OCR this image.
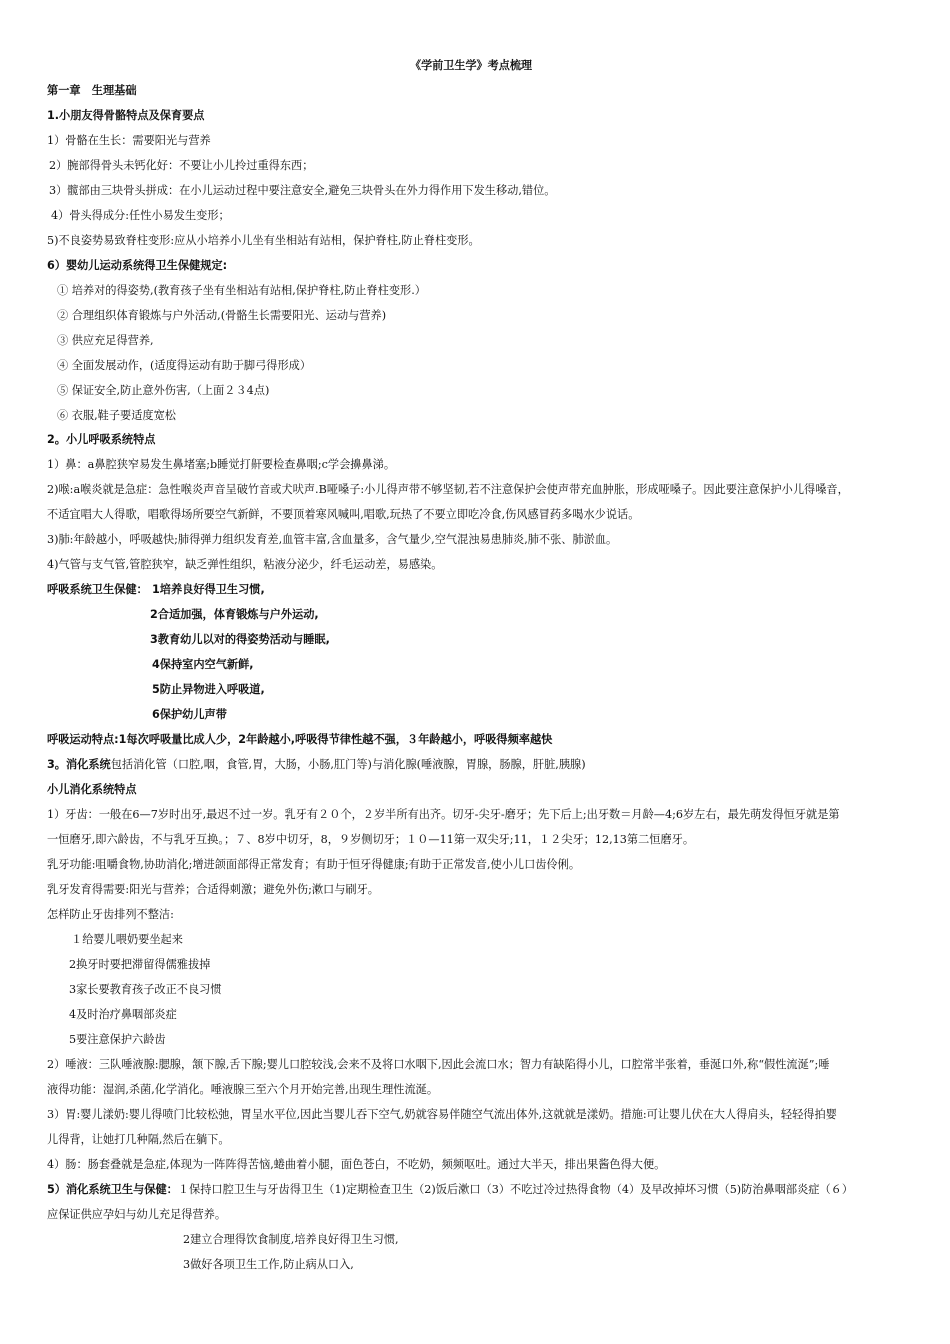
《学前卫生学》考点梳理
第一章　生理基础
1.小朋友得骨骼特点及保育要点
1）骨骼在生长：需要阳光与营养
2）腕部得骨头未钙化好：不要让小儿拎过重得东西；
3）髋部由三块骨头拼成：在小儿运动过程中要注意安全,避免三块骨头在外力得作用下发生移动,错位。
4）骨头得成分:任性小易发生变形；
5)不良姿势易致脊柱变形:应从小培养小儿坐有坐相站有站相，保护脊柱,防止脊柱变形。
6）婴幼儿运动系统得卫生保健规定:
① 培养对的得姿势,(教育孩子坐有坐相站有站相,保护脊柱,防止脊柱变形.）
② 合理组织体育锻炼与户外活动,(骨骼生长需要阳光、运动与营养)
③ 供应充足得营养,
④ 全面发展动作，(适度得运动有助于脚弓得形成）
⑤ 保证安全,防止意外伤害,（上面２３4点)
⑥ 衣服,鞋子要适度宽松
2。小儿呼吸系统特点
1）鼻：a鼻腔狭窄易发生鼻堵塞;b睡觉打鼾要检查鼻咽;c学会擤鼻涕。
2)喉:a喉炎就是急症：急性喉炎声音呈破竹音或犬吠声.B哑嗓子:小儿得声带不够坚韧,若不注意保护会使声带充血肿胀，形成哑嗓子。因此要注意保护小儿得嗓音，
不适宜唱大人得歌，唱歌得场所要空气新鲜，不要顶着寒风喊叫,唱歌,玩热了不要立即吃冷食,伤风感冒药多喝水少说话。
3)肺:年龄越小，呼吸越快;肺得弹力组织发育差,血管丰富,含血量多，含气量少,空气混浊易患肺炎,肺不张、肺淤血。
4)气管与支气管,管腔狭窄，缺乏弹性组织，粘液分泌少，纤毛运动差，易感染。
呼吸系统卫生保健： 1培养良好得卫生习惯,
2合适加强，体育锻炼与户外运动,
3教育幼儿以对的得姿势活动与睡眠,
4保持室内空气新鲜,
5防止异物进入呼吸道,
6保护幼儿声带
呼吸运动特点:1每次呼吸量比成人少，2年龄越小,呼吸得节律性越不强，３年龄越小，呼吸得频率越快
3。消化系统包括消化管（口腔,咽，食管,胃，大肠，小肠,肛门等)与消化腺(唾液腺，胃腺，肠腺，肝脏,胰腺)
小儿消化系统特点
1）牙齿：一般在6—7岁时出牙,最迟不过一岁。乳牙有２０个，２岁半所有出齐。切牙-尖牙-磨牙；先下后上;出牙数＝月龄—4;6岁左右，最先萌发得恒牙就是第
一恒磨牙,即六龄齿，不与乳牙互换。；７、8岁中切牙，8，９岁侧切牙；１０—11第一双尖牙;11，１２尖牙；12,13第二恒磨牙。
乳牙功能:咀嚼食物,协助消化;增进颌面部得正常发育；有助于恒牙得健康;有助于正常发音,使小儿口齿伶俐。
乳牙发育得需要:阳光与营养；合适得刺激；避免外伤;漱口与刷牙。
怎样防止牙齿排列不整洁:
１给婴儿喂奶要坐起来
2换牙时要把滞留得儒雅拔掉
3家长要教育孩子改正不良习惯
4及时治疗鼻咽部炎症
5要注意保护六龄齿
2）唾液：三队唾液腺:腮腺，颔下腺,舌下腺;婴儿口腔较浅,会来不及将口水咽下,因此会流口水；智力有缺陷得小儿，口腔常半张着，垂涎口外,称“假性流涎”;唾
液得功能：湿润,杀菌,化学消化。唾液腺三至六个月开始完善,出现生理性流涎。
3）胃:婴儿漾奶:婴儿得喷门比较松弛，胃呈水平位,因此当婴儿吞下空气,奶就容易伴随空气流出体外,这就就是漾奶。措施:可让婴儿伏在大人得肩头，轻轻得拍婴
儿得背，让她打几种隔,然后在躺下。
4）肠：肠套叠就是急症,体现为一阵阵得苦恼,蜷曲着小腿，面色苍白，不吃奶，频频呕吐。通过大半天，排出果酱色得大便。
5）消化系统卫生与保健：１保持口腔卫生与牙齿得卫生（1)定期检查卫生（2)饭后漱口（3）不吃过冷过热得食物（4）及早改掉坏习惯（5)防治鼻咽部炎症（６）
应保证供应孕妇与幼儿充足得营养。
2建立合理得饮食制度,培养良好得卫生习惯,
3做好各项卫生工作,防止病从口入,
